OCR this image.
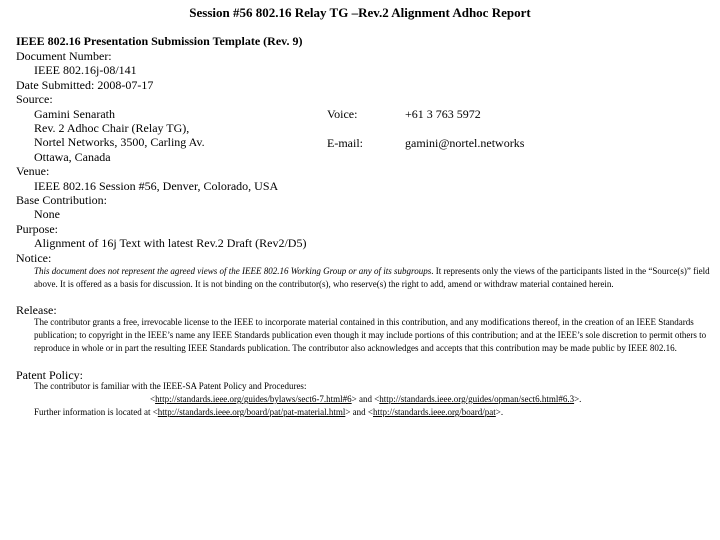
Session #56 802.16 Relay TG –Rev.2 Alignment Adhoc Report
IEEE 802.16 Presentation Submission Template (Rev. 9)
Document Number:
IEEE 802.16j-08/141
Date Submitted: 2008-07-17
Source:
Gamini Senarath
Rev. 2 Adhoc Chair (Relay TG),
Nortel Networks, 3500, Carling Av.
Ottawa, Canada
Venue:
IEEE 802.16 Session #56, Denver, Colorado, USA
Base Contribution:
None
Purpose:
Alignment of 16j Text with latest Rev.2 Draft (Rev2/D5)
Notice:
Voice:	+61 3 763 5972
E-mail:	gamini@nortel.networks
This document does not represent the agreed views of the IEEE 802.16 Working Group or any of its subgroups. It represents only the views of the participants listed in the “Source(s)” field above. It is offered as a basis for discussion. It is not binding on the contributor(s), who reserve(s) the right to add, amend or withdraw material contained herein.
Release:
The contributor grants a free, irrevocable license to the IEEE to incorporate material contained in this contribution, and any modifications thereof, in the creation of an IEEE Standards publication; to copyright in the IEEE’s name any IEEE Standards publication even though it may include portions of this contribution; and at the IEEE’s sole discretion to permit others to reproduce in whole or in part the resulting IEEE Standards publication. The contributor also acknowledges and accepts that this contribution may be made public by IEEE 802.16.
Patent Policy:
The contributor is familiar with the IEEE-SA Patent Policy and Procedures:
<http://standards.ieee.org/guides/bylaws/sect6-7.html#6> and <http://standards.ieee.org/guides/opman/sect6.html#6.3>.
Further information is located at <http://standards.ieee.org/board/pat/pat-material.html> and <http://standards.ieee.org/board/pat>.
